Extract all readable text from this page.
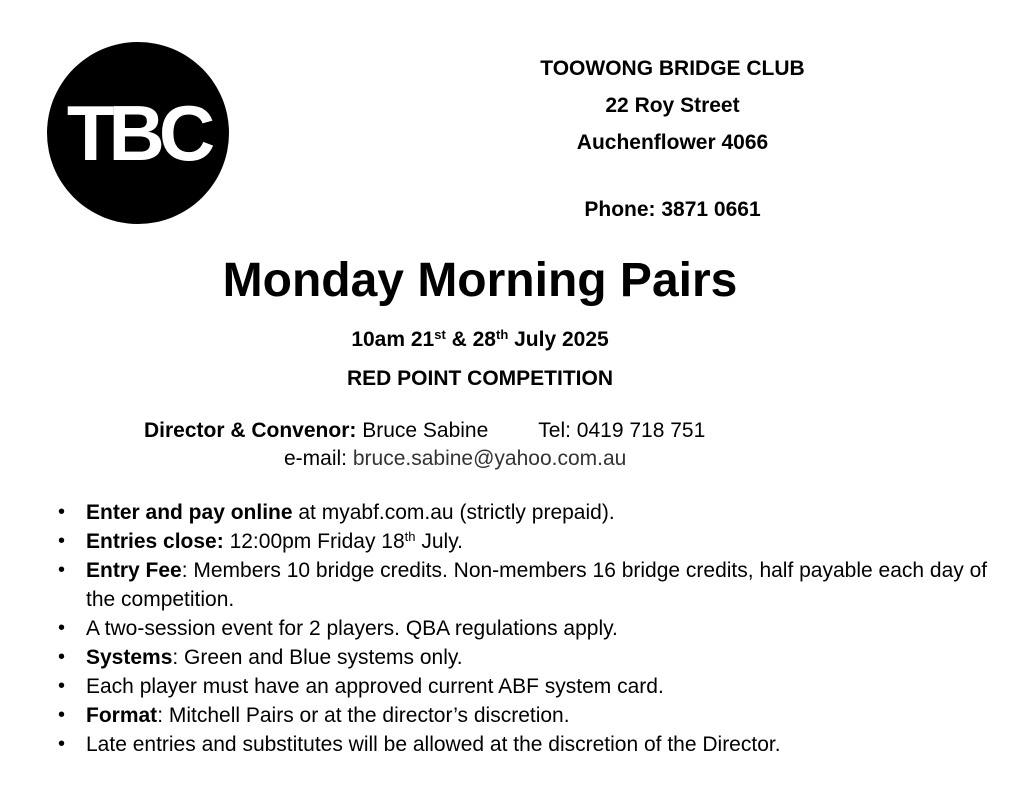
TBC
TOOWONG BRIDGE CLUB
22 Roy Street
Auchenflower 4066
Phone: 3871 0661
Monday Morning Pairs
10am 21st & 28th July 2025
RED POINT COMPETITION
Director & Convenor: Bruce Sabine Tel: 0419 718 751
e-mail: bruce.sabine@yahoo.com.au
• Enter and pay online at myabf.com.au (strictly prepaid).
• Entries close: 12:00pm Friday 18th July.
• Entry Fee: Members 10 bridge credits. Non-members 16 bridge credits, half payable each day of the competition.
• A two-session event for 2 players. QBA regulations apply.
• Systems: Green and Blue systems only.
• Each player must have an approved current ABF system card.
• Format: Mitchell Pairs or at the director’s discretion.
• Late entries and substitutes will be allowed at the discretion of the Director.
